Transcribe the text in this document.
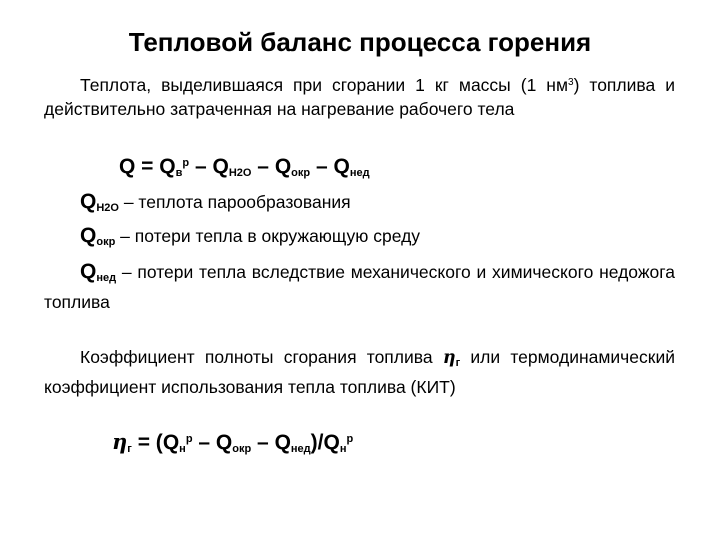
Тепловой баланс процесса горения
Теплота, выделившаяся при сгорании 1 кг массы (1 $нм^3$) топлива и действительно затраченная на нагревание рабочего тела
$Q = Q_в^р - Q_{H2O} - Q_{окр} - Q_{нед}$
$Q_{H2O}$ – теплота парообразования
$Q_{окр}$ – потери тепла в окружающую среду
$Q_{нед}$ – потери тепла вследствие механического и химического недожога топлива
Коэффициент полноты сгорания топлива $\eta_г$ или термодинамический коэффициент использования тепла топлива (КИТ)
$\eta_г = (Q_н^р - Q_{окр} - Q_{нед})/Q_н^р$
